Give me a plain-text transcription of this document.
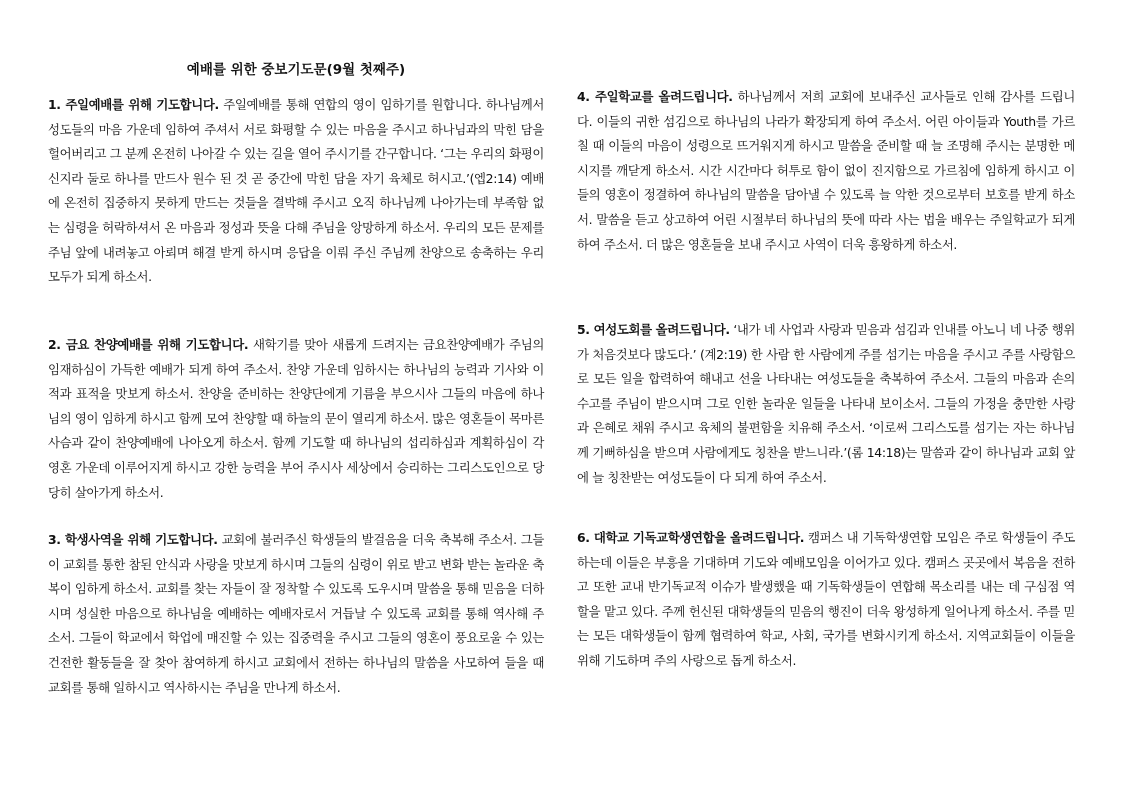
예배를 위한 중보기도문(9월 첫째주)

1. 주일예배를 위해 기도합니다. 주일예배를 통해 연합의 영이 임하기를 원합니다. 하나님께서 성도들의 마음 가운데 임하여 주셔서 서로 화평할 수 있는 마음을 주시고 하나님과의 막힌 담을 헐어버리고 그 분께 온전히 나아갈 수 있는 길을 열어 주시기를 간구합니다. ‘그는 우리의 화평이신지라 둘로 하나를 만드사 원수 된 것 곧 중간에 막힌 담을 자기 육체로 허시고.’(엡2:14) 예배에 온전히 집중하지 못하게 만드는 것들을 결박해 주시고 오직 하나님께 나아가는데 부족함 없는 심령을 허락하셔서 온 마음과 정성과 뜻을 다해 주님을 앙망하게 하소서. 우리의 모든 문제를 주님 앞에 내려놓고 아뢰며 해결 받게 하시며 응답을 이뤄 주신 주님께 찬양으로 송축하는 우리 모두가 되게 하소서.

2. 금요 찬양예배를 위해 기도합니다. 새학기를 맞아 새롭게 드려지는 금요찬양예배가 주님의 임재하심이 가득한 예배가 되게 하여 주소서. 찬양 가운데 임하시는 하나님의 능력과 기사와 이적과 표적을 맛보게 하소서. 찬양을 준비하는 찬양단에게 기름을 부으시사 그들의 마음에 하나님의 영이 임하게 하시고 함께 모여 찬양할 때 하늘의 문이 열리게 하소서. 많은 영혼들이 목마른 사슴과 같이 찬양예배에 나아오게 하소서. 함께 기도할 때 하나님의 섭리하심과 계획하심이 각 영혼 가운데 이루어지게 하시고 강한 능력을 부어 주시사 세상에서 승리하는 그리스도인으로 당당히 살아가게 하소서.

3. 학생사역을 위해 기도합니다. 교회에 불러주신 학생들의 발걸음을 더욱 축복해 주소서. 그들이 교회를 통한 참된 안식과 사랑을 맛보게 하시며 그들의 심령이 위로 받고 변화 받는 놀라운 축복이 임하게 하소서. 교회를 찾는 자들이 잘 정착할 수 있도록 도우시며 말씀을 통해 믿음을 더하시며 성실한 마음으로 하나님을 예배하는 예배자로서 거듭날 수 있도록 교회를 통해 역사해 주소서. 그들이 학교에서 학업에 매진할 수 있는 집중력을 주시고 그들의 영혼이 풍요로울 수 있는 건전한 활동들을 잘 찾아 참여하게 하시고 교회에서 전하는 하나님의 말씀을 사모하여 들을 때 교회를 통해 일하시고 역사하시는 주님을 만나게 하소서.

4. 주일학교를 올려드립니다. 하나님께서 저희 교회에 보내주신 교사들로 인해 감사를 드립니다. 이들의 귀한 섬김으로 하나님의 나라가 확장되게 하여 주소서. 어린 아이들과 Youth를 가르칠 때 이들의 마음이 성령으로 뜨거워지게 하시고 말씀을 준비할 때 늘 조명해 주시는 분명한 메시지를 깨닫게 하소서. 시간 시간마다 허투로 함이 없이 진지함으로 가르침에 임하게 하시고 이들의 영혼이 정결하여 하나님의 말씀을 담아낼 수 있도록 늘 악한 것으로부터 보호를 받게 하소서. 말씀을 듣고 상고하여 어린 시절부터 하나님의 뜻에 따라 사는 법을 배우는 주일학교가 되게 하여 주소서. 더 많은 영혼들을 보내 주시고 사역이 더욱 흥왕하게 하소서.

5. 여성도회를 올려드립니다. ‘내가 네 사업과 사랑과 믿음과 섬김과 인내를 아노니 네 나중 행위가 처음것보다 많도다.’ (계2:19) 한 사람 한 사람에게 주를 섬기는 마음을 주시고 주를 사랑함으로 모든 일을 합력하여 해내고 선을 나타내는 여성도들을 축복하여 주소서. 그들의 마음과 손의 수고를 주님이 받으시며 그로 인한 놀라운 일들을 나타내 보이소서. 그들의 가정을 충만한 사랑과 은혜로 채워 주시고 육체의 불편함을 치유해 주소서. ‘이로써 그리스도를 섬기는 자는 하나님께 기뻐하심을 받으며 사람에게도 칭찬을 받느니라.’(롬 14:18)는 말씀과 같이 하나님과 교회 앞에 늘 칭찬받는 여성도들이 다 되게 하여 주소서.

6. 대학교 기독교학생연합을 올려드립니다. 캠퍼스 내 기독학생연합 모임은 주로 학생들이 주도하는데 이들은 부흥을 기대하며 기도와 예배모임을 이어가고 있다. 캠퍼스 곳곳에서 복음을 전하고 또한 교내 반기독교적 이슈가 발생했을 때 기독학생들이 연합해 목소리를 내는 데 구심점 역할을 맡고 있다. 주께 헌신된 대학생들의 믿음의 행진이 더욱 왕성하게 일어나게 하소서. 주를 믿는 모든 대학생들이 함께 협력하여 학교, 사회, 국가를 변화시키게 하소서. 지역교회들이 이들을 위해 기도하며 주의 사랑으로 돕게 하소서.
